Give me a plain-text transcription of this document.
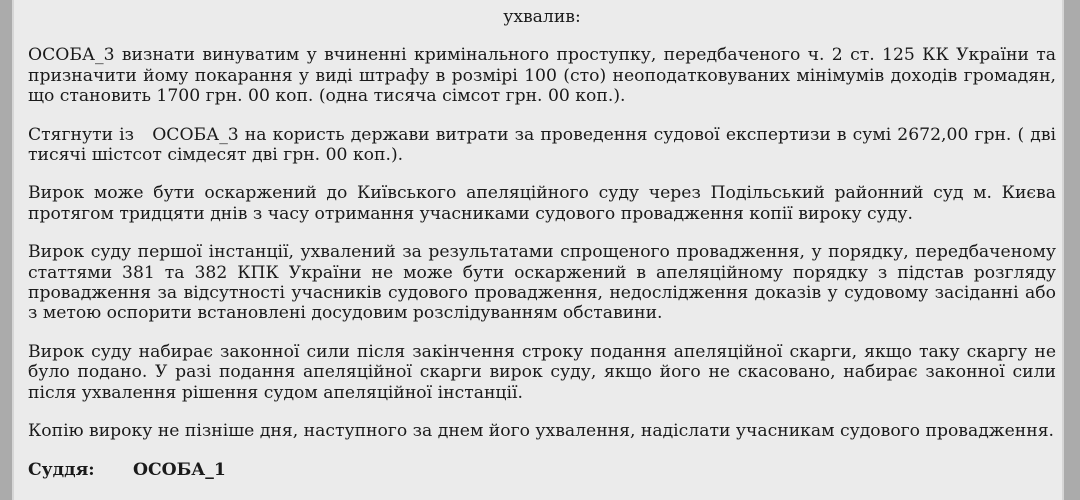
ухвалив:
ОСОБА_3 визнати винуватим у вчиненні кримінального проступку, передбаченого ч. 2 ст. 125 КК України та призначити йому покарання у виді штрафу в розмірі 100 (сто) неоподатковуваних мінімумів доходів громадян, що становить 1700 грн. 00 коп. (одна тисяча сімсот грн. 00 коп.).
Стягнути із   ОСОБА_3 на користь держави витрати за проведення судової експертизи в сумі 2672,00 грн. ( дві тисячі шістсот сімдесят дві грн. 00 коп.).
Вирок може бути оскаржений до Київського апеляційного суду через Подільський районний суд м. Києва протягом тридцяти днів з часу отримання учасниками судового провадження копії вироку суду.
Вирок суду першої інстанції, ухвалений за результатами спрощеного провадження, у порядку, передбаченому статтями 381 та 382 КПК України не може бути оскаржений в апеляційному порядку з підстав розгляду провадження за відсутності учасників судового провадження, недослідження доказів у судовому засіданні або з метою оспорити встановлені досудовим розслідуванням обставини.
Вирок суду набирає законної сили після закінчення строку подання апеляційної скарги, якщо таку скаргу не було подано. У разі подання апеляційної скарги вирок суду, якщо його не скасовано, набирає законної сили після ухвалення рішення судом апеляційної інстанції.
Копію вироку не пізніше дня, наступного за днем його ухвалення, надіслати учасникам судового провадження.
Суддя: ОСОБА_1
